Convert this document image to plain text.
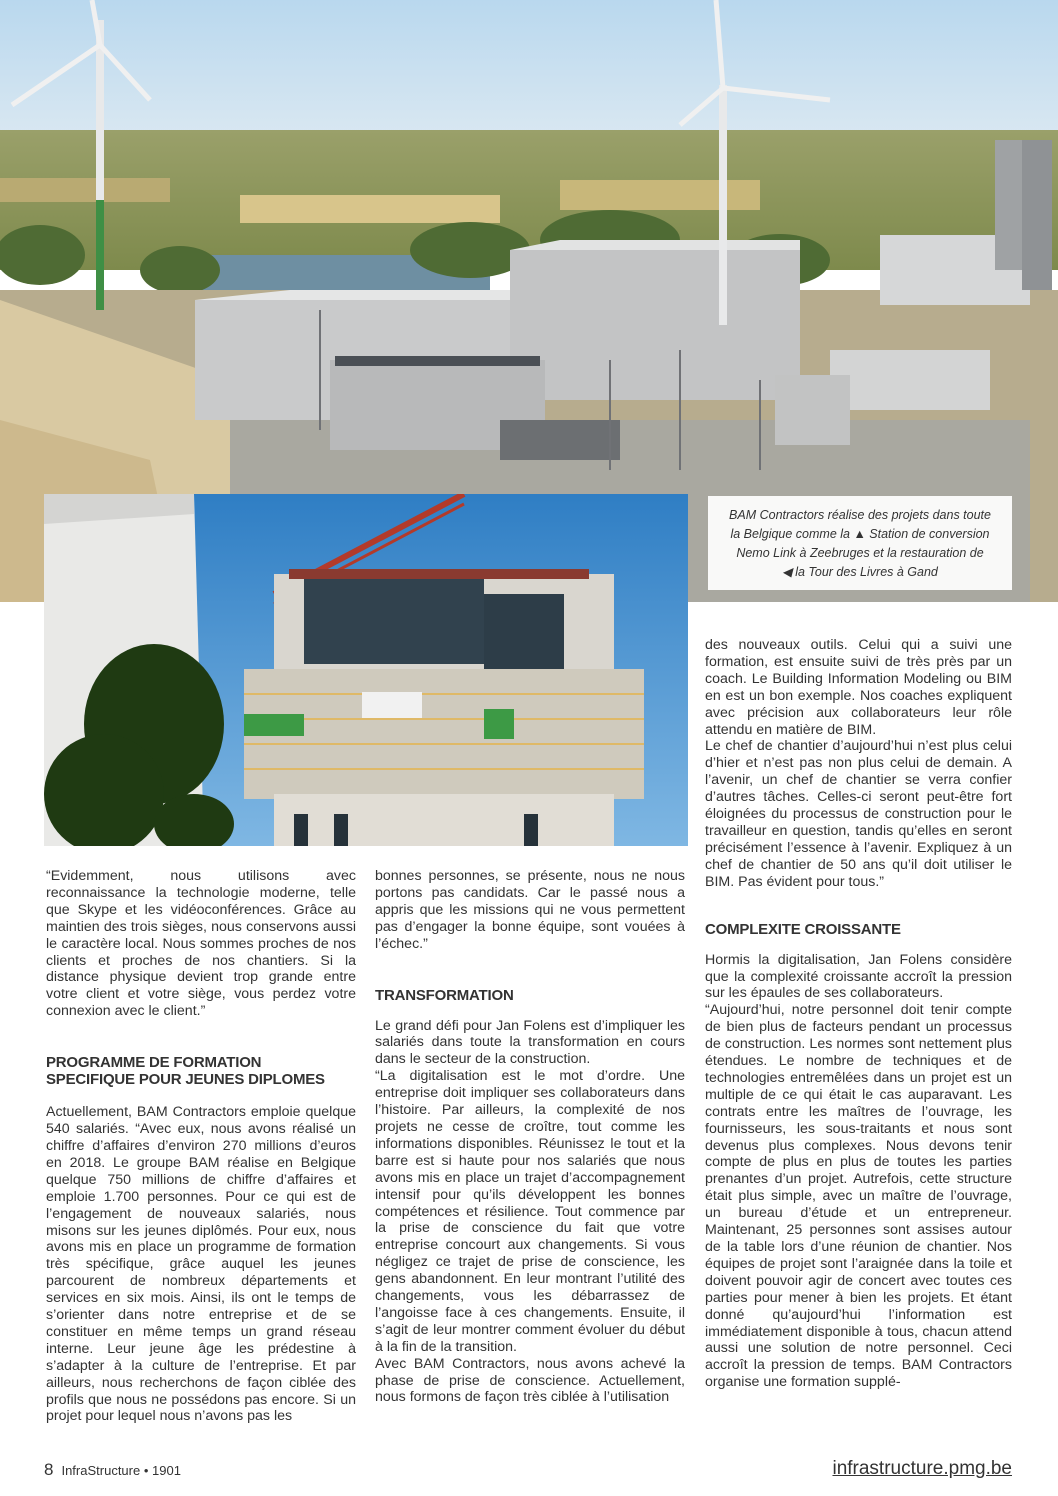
BAM Contractors réalise des projets dans toute
la Belgique comme la ▲ Station de conversion
Nemo Link à Zeebruges et la restauration de
◀ la Tour des Livres à Gand

“Evidemment, nous utilisons avec reconnaissance la technologie moderne, telle que Skype et les vidéoconférences. Grâce au maintien des trois sièges, nous conservons aussi le caractère local. Nous sommes proches de nos clients et proches de nos chantiers. Si la distance physique devient trop grande entre votre client et votre siège, vous perdez votre connexion avec le client.”

PROGRAMME DE FORMATION
SPECIFIQUE POUR JEUNES DIPLOMES

Actuellement, BAM Contractors emploie quelque 540 salariés. “Avec eux, nous avons réalisé un chiffre d’affaires d’environ 270 millions d’euros en 2018. Le groupe BAM réalise en Belgique quelque 750 millions de chiffre d’affaires et emploie 1.700 personnes. Pour ce qui est de l’engagement de nouveaux salariés, nous misons sur les jeunes diplômés. Pour eux, nous avons mis en place un programme de formation très spécifique, grâce auquel les jeunes parcourent de nombreux départements et services en six mois. Ainsi, ils ont le temps de s’orienter dans notre entreprise et de se constituer en même temps un grand réseau interne. Leur jeune âge les prédestine à s’adapter à la culture de l’entreprise. Et par ailleurs, nous recherchons de façon ciblée des profils que nous ne possédons pas encore. Si un projet pour lequel nous n’avons pas les

bonnes personnes, se présente, nous ne nous portons pas candidats. Car le passé nous a appris que les missions qui ne vous permettent pas d’engager la bonne équipe, sont vouées à l’échec.”

TRANSFORMATION

Le grand défi pour Jan Folens est d’impliquer les salariés dans toute la transformation en cours dans le secteur de la construction.

“La digitalisation est le mot d’ordre. Une entreprise doit impliquer ses collaborateurs dans l’histoire. Par ailleurs, la complexité de nos projets ne cesse de croître, tout comme les informations disponibles. Réunissez le tout et la barre est si haute pour nos salariés que nous avons mis en place un trajet d’accompagnement intensif pour qu’ils développent les bonnes compétences et résilience. Tout commence par la prise de conscience du fait que votre entreprise concourt aux changements. Si vous négligez ce trajet de prise de conscience, les gens abandonnent. En leur montrant l’utilité des changements, vous les débarrassez de l’angoisse face à ces changements. Ensuite, il s’agit de leur montrer comment évoluer du début à la fin de la transition.

Avec BAM Contractors, nous avons achevé la phase de prise de conscience. Actuellement, nous formons de façon très ciblée à l’utilisation

des nouveaux outils. Celui qui a suivi une formation, est ensuite suivi de très près par un coach. Le Building Information Modeling ou BIM en est un bon exemple. Nos coaches expliquent avec précision aux collaborateurs leur rôle attendu en matière de BIM.

Le chef de chantier d’aujourd’hui n’est plus celui d’hier et n’est pas non plus celui de demain. A l’avenir, un chef de chantier se verra confier d’autres tâches. Celles-ci seront peut-être fort éloignées du processus de construction pour le travailleur en question, tandis qu’elles en seront précisément l’essence à l’avenir. Expliquez à un chef de chantier de 50 ans qu’il doit utiliser le BIM. Pas évident pour tous.”

COMPLEXITE CROISSANTE

Hormis la digitalisation, Jan Folens considère que la complexité croissante accroît la pression sur les épaules de ses collaborateurs.

“Aujourd’hui, notre personnel doit tenir compte de bien plus de facteurs pendant un processus de construction. Les normes sont nettement plus étendues. Le nombre de techniques et de technologies entremêlées dans un projet est un multiple de ce qui était le cas auparavant. Les contrats entre les maîtres de l’ouvrage, les fournisseurs, les sous-traitants et nous sont devenus plus complexes. Nous devons tenir compte de plus en plus de toutes les parties prenantes d’un projet. Autrefois, cette structure était plus simple, avec un maître de l’ouvrage, un bureau d’étude et un entrepreneur. Maintenant, 25 personnes sont assises autour de la table lors d’une réunion de chantier. Nos équipes de projet sont l’araignée dans la toile et doivent pouvoir agir de concert avec toutes ces parties pour mener à bien les projets. Et étant donné qu’aujourd’hui l’information est immédiatement disponible à tous, chacun attend aussi une solution de notre personnel. Ceci accroît la pression de temps. BAM Contractors organise une formation supplé-

8 InfraStructure • 1901	infrastructure.pmg.be
